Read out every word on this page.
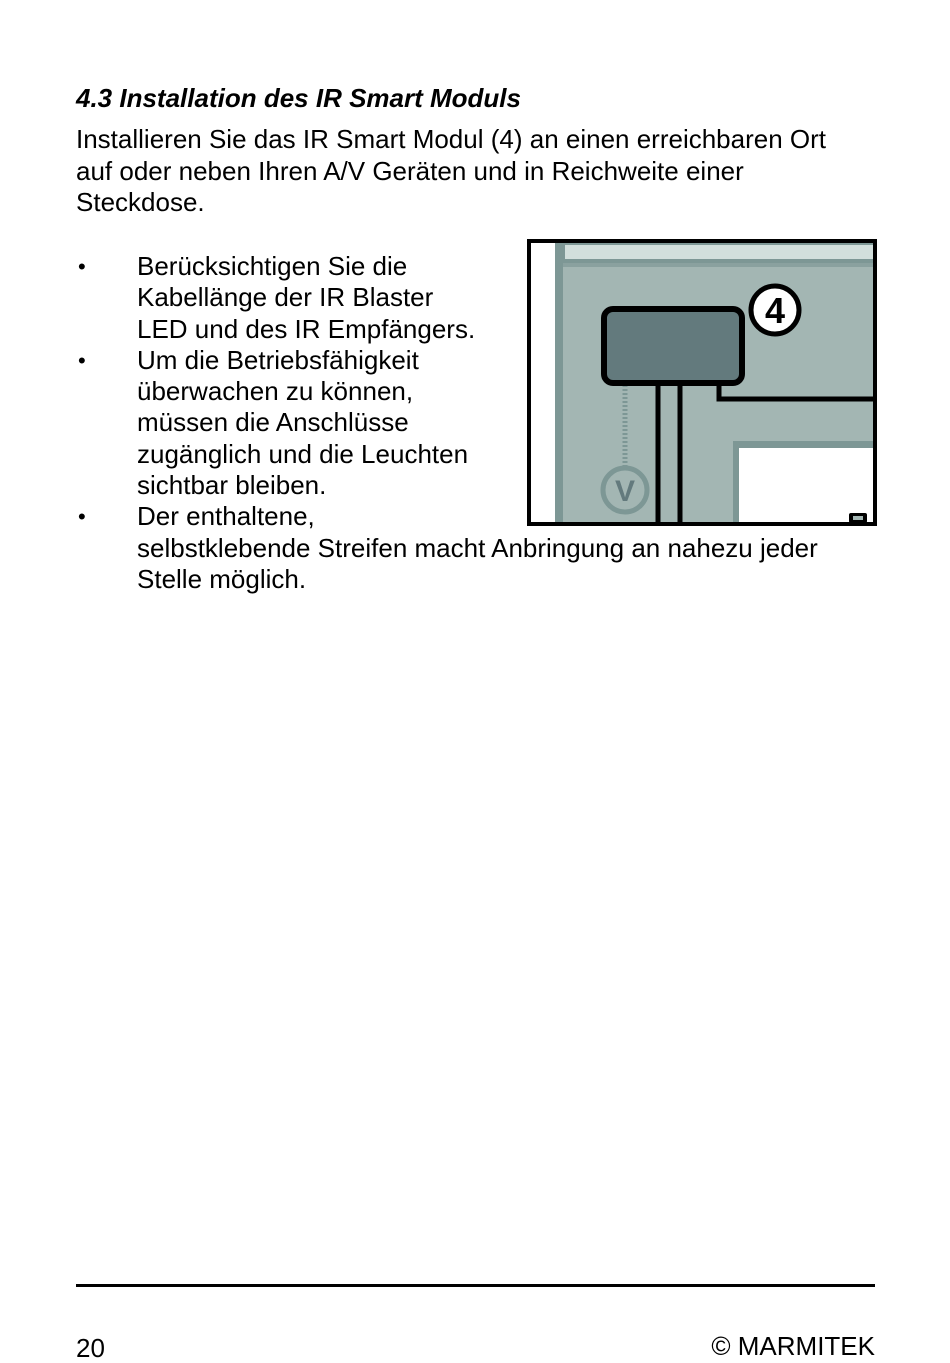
4.3 Installation des IR Smart Moduls
Installieren Sie das IR Smart Modul (4) an einen erreichbaren Ort
auf oder neben Ihren A/V Geräten und in Reichweite einer
Steckdose.
• Berücksichtigen Sie die
Kabellänge der IR Blaster
LED und des IR Empfängers.
• Um die Betriebsfähigkeit
überwachen zu können,
müssen die Anschlüsse
zugänglich und die Leuchten
sichtbar bleiben.
• Der enthaltene,
selbstklebende Streifen macht Anbringung an nahezu jeder
Stelle möglich.
V
4
20	© MARMITEK
